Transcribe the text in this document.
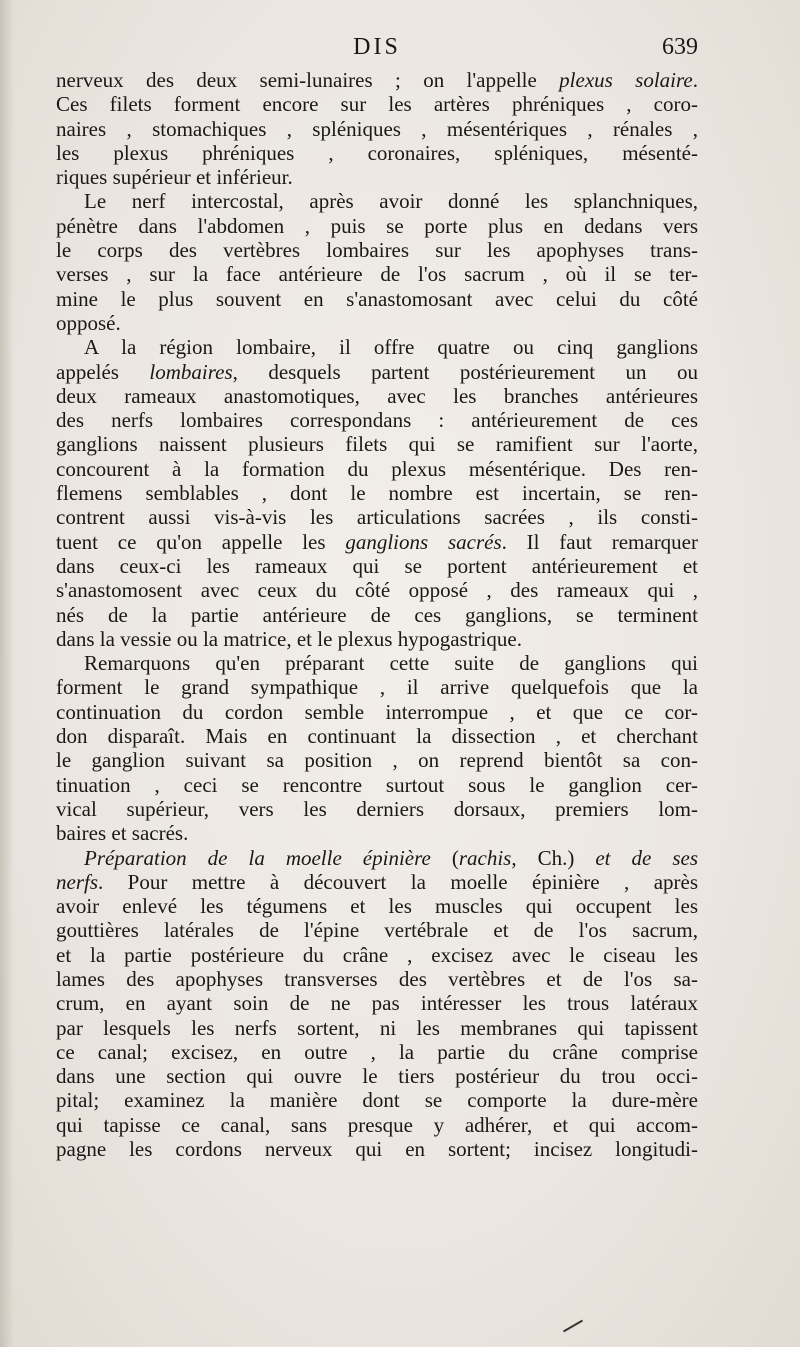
DIS	639
nerveux des deux semi-lunaires ; on l'appelle plexus solaire.
Ces filets forment encore sur les artères phréniques , coro-
naires , stomachiques , spléniques , mésentériques , rénales ,
les plexus phréniques , coronaires, spléniques, mésenté-
riques supérieur et inférieur.
Le nerf intercostal, après avoir donné les splanchniques,
pénètre dans l'abdomen , puis se porte plus en dedans vers
le corps des vertèbres lombaires sur les apophyses trans-
verses , sur la face antérieure de l'os sacrum , où il se ter-
mine le plus souvent en s'anastomosant avec celui du côté
opposé.
A la région lombaire, il offre quatre ou cinq ganglions
appelés lombaires, desquels partent postérieurement un ou
deux rameaux anastomotiques, avec les branches antérieures
des nerfs lombaires correspondans : antérieurement de ces
ganglions naissent plusieurs filets qui se ramifient sur l'aorte,
concourent à la formation du plexus mésentérique. Des ren-
flemens semblables , dont le nombre est incertain, se ren-
contrent aussi vis-à-vis les articulations sacrées , ils consti-
tuent ce qu'on appelle les ganglions sacrés. Il faut remarquer
dans ceux-ci les rameaux qui se portent antérieurement et
s'anastomosent avec ceux du côté opposé , des rameaux qui ,
nés de la partie antérieure de ces ganglions, se terminent
dans la vessie ou la matrice, et le plexus hypogastrique.
Remarquons qu'en préparant cette suite de ganglions qui
forment le grand sympathique , il arrive quelquefois que la
continuation du cordon semble interrompue , et que ce cor-
don disparaît. Mais en continuant la dissection , et cherchant
le ganglion suivant sa position , on reprend bientôt sa con-
tinuation , ceci se rencontre surtout sous le ganglion cer-
vical supérieur, vers les derniers dorsaux, premiers lom-
baires et sacrés.
Préparation de la moelle épinière (rachis, Ch.) et de ses
nerfs. Pour mettre à découvert la moelle épinière , après
avoir enlevé les tégumens et les muscles qui occupent les
gouttières latérales de l'épine vertébrale et de l'os sacrum,
et la partie postérieure du crâne , excisez avec le ciseau les
lames des apophyses transverses des vertèbres et de l'os sa-
crum, en ayant soin de ne pas intéresser les trous latéraux
par lesquels les nerfs sortent, ni les membranes qui tapissent
ce canal; excisez, en outre , la partie du crâne comprise
dans une section qui ouvre le tiers postérieur du trou occi-
pital; examinez la manière dont se comporte la dure-mère
qui tapisse ce canal, sans presque y adhérer, et qui accom-
pagne les cordons nerveux qui en sortent; incisez longitudi-
